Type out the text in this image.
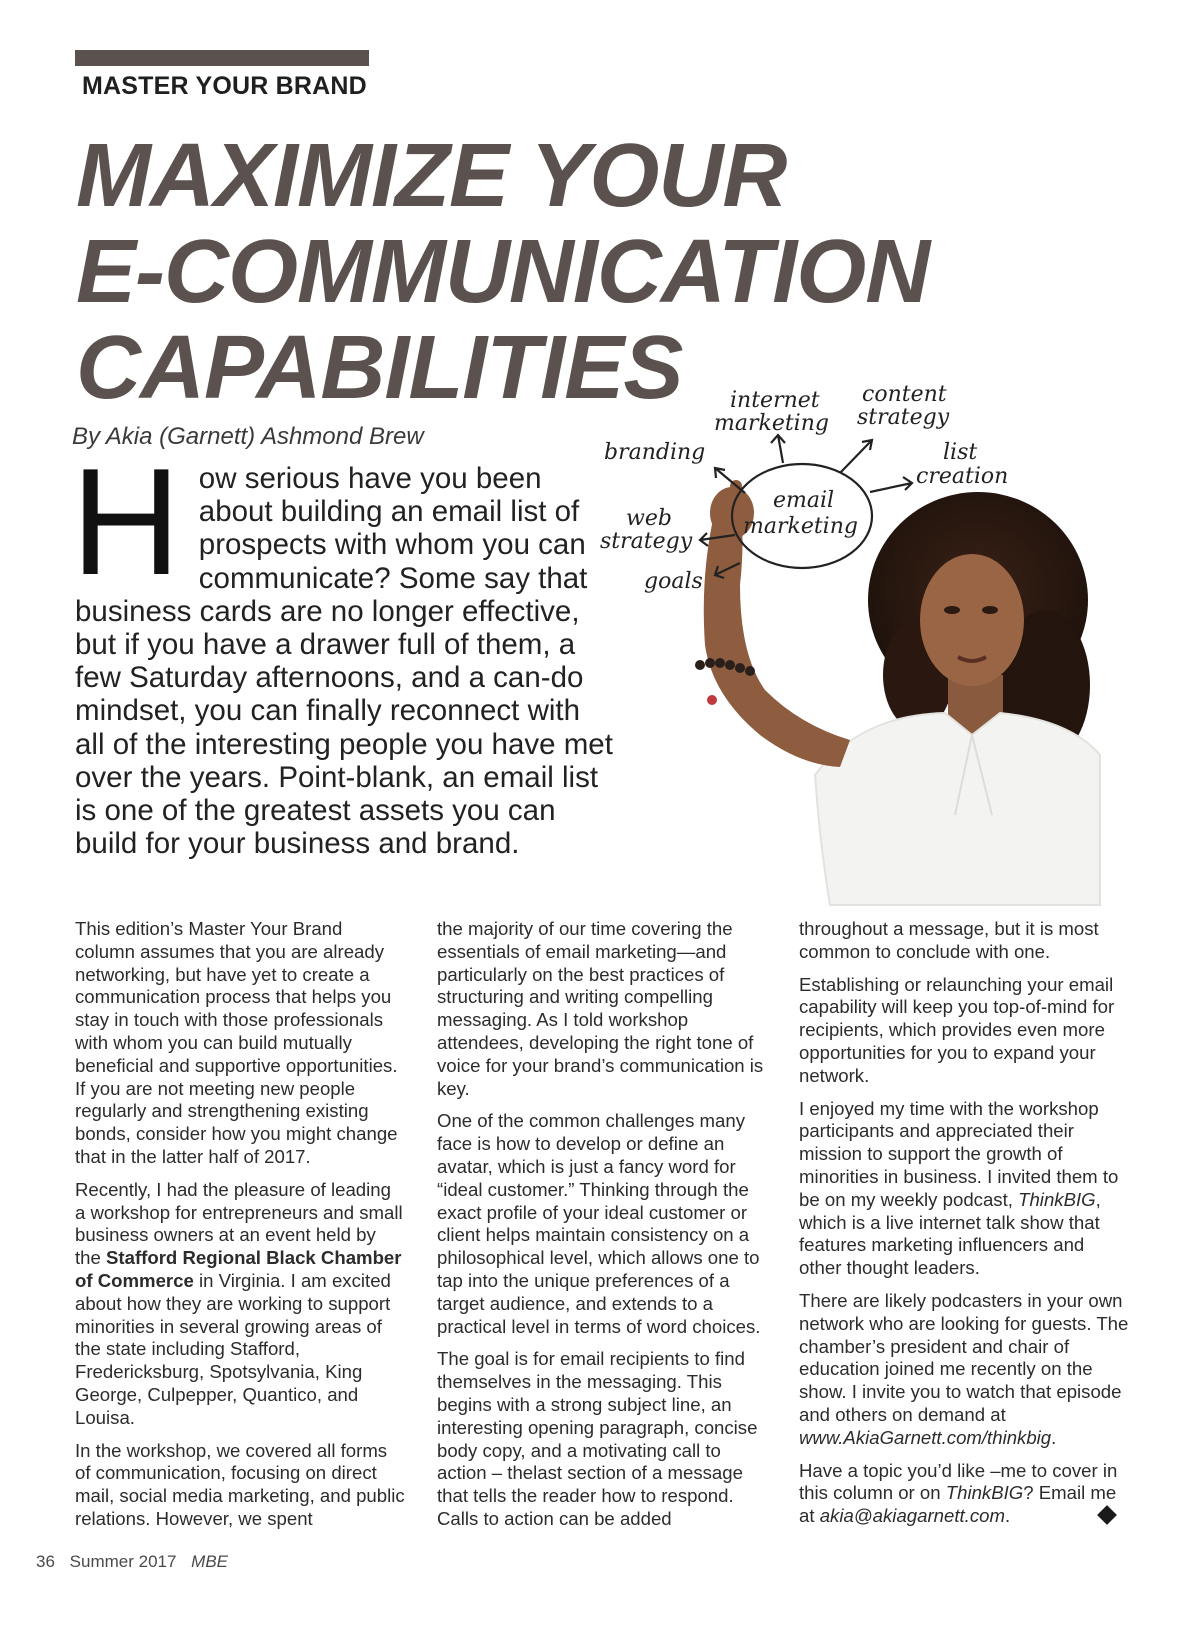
MASTER YOUR BRAND
MAXIMIZE YOUR
E-COMMUNICATION
CAPABILITIES
By Akia (Garnett) Ashmond Brew
H ow serious have you been about building an email list of prospects with whom you can communicate? Some say that business cards are no longer effective, but if you have a drawer full of them, a few Saturday afternoons, and a can-do mindset, you can finally reconnect with all of the interesting people you have met over the years. Point-blank, an email list is one of the greatest assets you can build for your business and brand.
email
marketing
internet
marketing
content
strategy
branding	list
creation
web
strategy
goals

This edition’s Master Your Brand column assumes that you are already networking, but have yet to create a communication process that helps you stay in touch with those professionals with whom you can build mutually beneficial and supportive opportunities. If you are not meeting new people regularly and strengthening existing bonds, consider how you might change that in the latter half of 2017.

Recently, I had the pleasure of leading a workshop for entrepreneurs and small business owners at an event held by the Stafford Regional Black Chamber of Commerce in Virginia. I am excited about how they are working to support minorities in several growing areas of the state including Stafford, Fredericksburg, Spotsylvania, King George, Culpepper, Quantico, and Louisa.

In the workshop, we covered all forms of communication, focusing on direct mail, social media marketing, and public relations. However, we spent

the majority of our time covering the essentials of email marketing—and particularly on the best practices of structuring and writing compelling messaging. As I told workshop attendees, developing the right tone of voice for your brand’s communication is key.

One of the common challenges many face is how to develop or define an avatar, which is just a fancy word for “ideal customer.” Thinking through the exact profile of your ideal customer or client helps maintain consistency on a philosophical level, which allows one to tap into the unique preferences of a target audience, and extends to a practical level in terms of word choices.

The goal is for email recipients to find themselves in the messaging. This begins with a strong subject line, an interesting opening paragraph, concise body copy, and a motivating call to action – thelast section of a message that tells the reader how to respond. Calls to action can be added

throughout a message, but it is most common to conclude with one.

Establishing or relaunching your email capability will keep you top-of-mind for recipients, which provides even more opportunities for you to expand your network.

I enjoyed my time with the workshop participants and appreciated their mission to support the growth of minorities in business. I invited them to be on my weekly podcast, ThinkBIG, which is a live internet talk show that features marketing influencers and other thought leaders.

There are likely podcasters in your own network who are looking for guests. The chamber’s president and chair of education joined me recently on the show. I invite you to watch that episode and others on demand at www.AkiaGarnett.com/thinkbig.

Have a topic you’d like –me to cover in this column or on ThinkBIG? Email me at akia@akiagarnett.com.

36 Summer 2017 MBE
